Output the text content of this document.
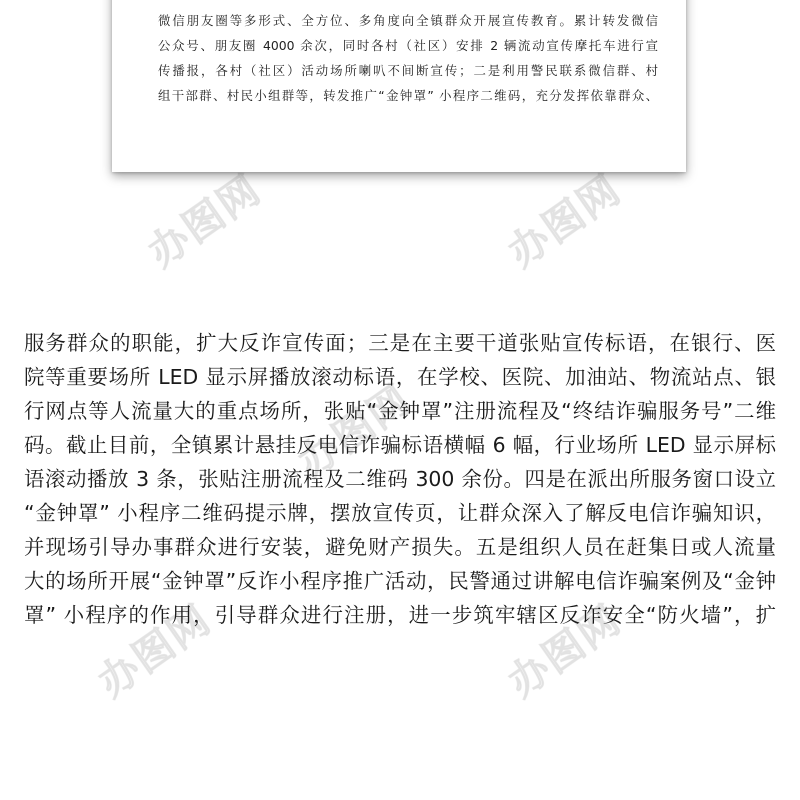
办图网	办图网
办图网
办图网	办图网

微信朋友圈等多形式、全方位、多角度向全镇群众开展宣传教育。累计转发微信
公众号、朋友圈 4000 余次，同时各村（社区）安排 2 辆流动宣传摩托车进行宣
传播报，各村（社区）活动场所喇叭不间断宣传；二是利用警民联系微信群、村
组干部群、村民小组群等，转发推广“金钟罩” 小程序二维码，充分发挥依靠群众、

服务群众的职能，扩大反诈宣传面；三是在主要干道张贴宣传标语，在银行、医
院等重要场所 LED 显示屏播放滚动标语，在学校、医院、加油站、物流站点、银
行网点等人流量大的重点场所，张贴“金钟罩”注册流程及“终结诈骗服务号”二维
码。截止目前，全镇累计悬挂反电信诈骗标语横幅 6 幅，行业场所 LED 显示屏标
语滚动播放 3 条，张贴注册流程及二维码 300 余份。四是在派出所服务窗口设立
“金钟罩” 小程序二维码提示牌，摆放宣传页，让群众深入了解反电信诈骗知识，
并现场引导办事群众进行安装，避免财产损失。五是组织人员在赶集日或人流量
大的场所开展“金钟罩”反诈小程序推广活动，民警通过讲解电信诈骗案例及“金钟
罩” 小程序的作用，引导群众进行注册，进一步筑牢辖区反诈安全“防火墙”，扩
